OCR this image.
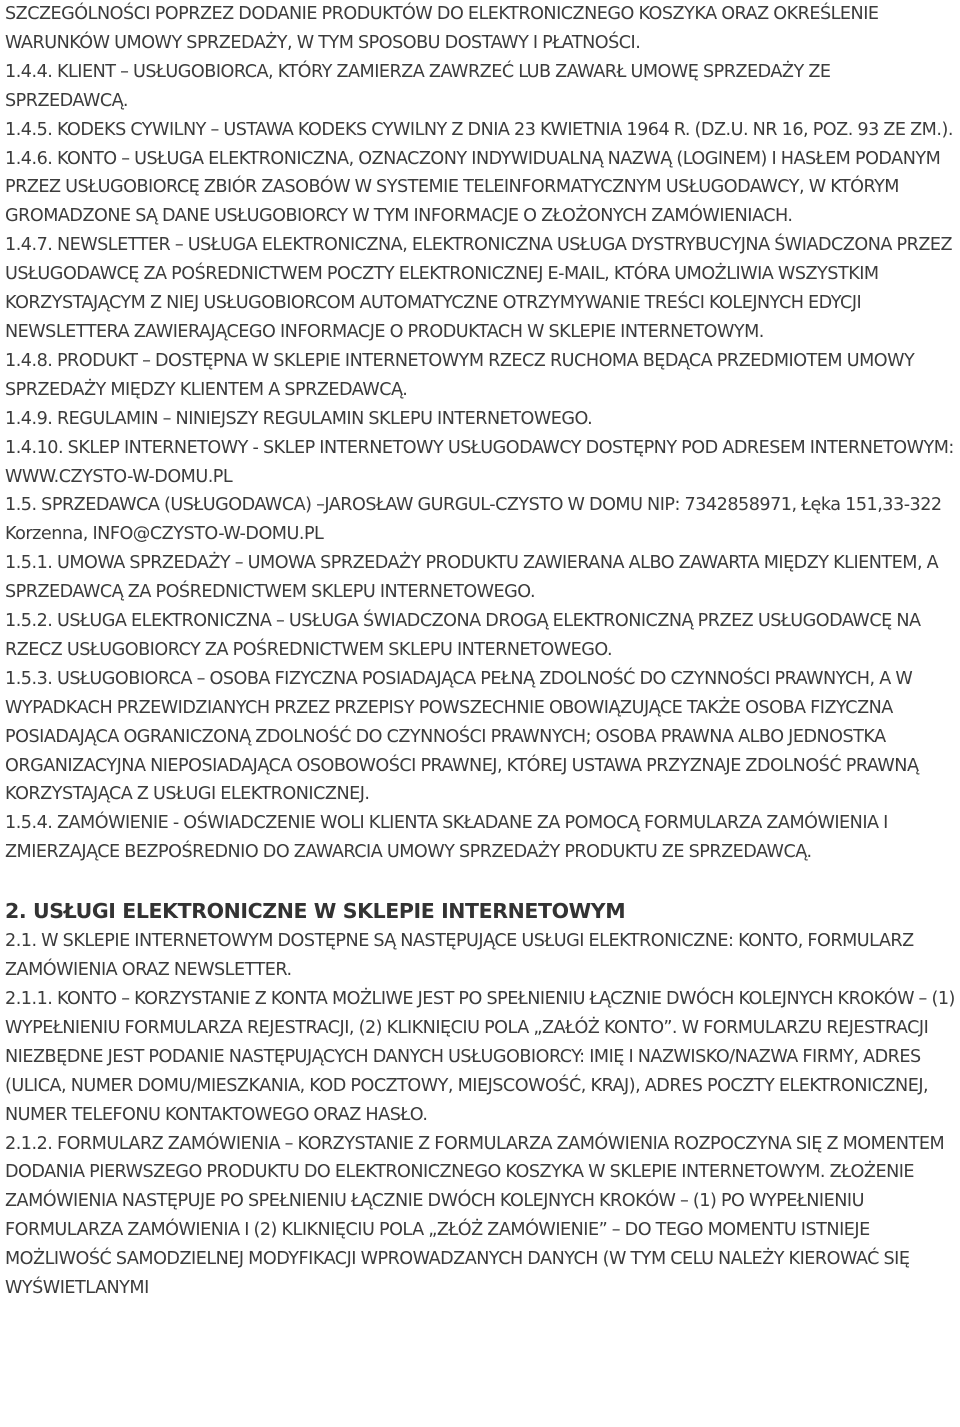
SZCZEGÓLNOŚCI POPRZEZ DODANIE PRODUKTÓW DO ELEKTRONICZNEGO KOSZYKA ORAZ OKREŚLENIE WARUNKÓW UMOWY SPRZEDAŻY, W TYM SPOSOBU DOSTAWY I PŁATNOŚCI.

1.4.4. KLIENT – USŁUGOBIORCA, KTÓRY ZAMIERZA ZAWRZEĆ LUB ZAWARŁ UMOWĘ SPRZEDAŻY ZE SPRZEDAWCĄ.

1.4.5. KODEKS CYWILNY – USTAWA KODEKS CYWILNY Z DNIA 23 KWIETNIA 1964 R. (DZ.U. NR 16, POZ. 93 ZE ZM.).

1.4.6. KONTO – USŁUGA ELEKTRONICZNA, OZNACZONY INDYWIDUALNĄ NAZWĄ (LOGINEM) I HASŁEM PODANYM PRZEZ USŁUGOBIORCĘ ZBIÓR ZASOBÓW W SYSTEMIE TELEINFORMATYCZNYM USŁUGODAWCY, W KTÓRYM GROMADZONE SĄ DANE USŁUGOBIORCY W TYM INFORMACJE O ZŁOŻONYCH ZAMÓWIENIACH.

1.4.7. NEWSLETTER – USŁUGA ELEKTRONICZNA, ELEKTRONICZNA USŁUGA DYSTRYBUCYJNA ŚWIADCZONA PRZEZ USŁUGODAWCĘ ZA POŚREDNICTWEM POCZTY ELEKTRONICZNEJ E-MAIL, KTÓRA UMOŻLIWIA WSZYSTKIM KORZYSTAJĄCYM Z NIEJ USŁUGOBIORCOM AUTOMATYCZNE OTRZYMYWANIE TREŚCI KOLEJNYCH EDYCJI NEWSLETTERA ZAWIERAJĄCEGO INFORMACJE O PRODUKTACH W SKLEPIE INTERNETOWYM.

1.4.8. PRODUKT – DOSTĘPNA W SKLEPIE INTERNETOWYM RZECZ RUCHOMA BĘDĄCA PRZEDMIOTEM UMOWY SPRZEDAŻY MIĘDZY KLIENTEM A SPRZEDAWCĄ.

1.4.9. REGULAMIN – NINIEJSZY REGULAMIN SKLEPU INTERNETOWEGO.

1.4.10. SKLEP INTERNETOWY - SKLEP INTERNETOWY USŁUGODAWCY DOSTĘPNY POD ADRESEM INTERNETOWYM: WWW.CZYSTO-W-DOMU.PL

1.5. SPRZEDAWCA (USŁUGODAWCA) –JAROSŁAW GURGUL-CZYSTO W DOMU NIP: 7342858971, Łęka 151,33-322 Korzenna, INFO@CZYSTO-W-DOMU.PL

1.5.1. UMOWA SPRZEDAŻY – UMOWA SPRZEDAŻY PRODUKTU ZAWIERANA ALBO ZAWARTA MIĘDZY KLIENTEM, A SPRZEDAWCĄ ZA POŚREDNICTWEM SKLEPU INTERNETOWEGO.

1.5.2. USŁUGA ELEKTRONICZNA – USŁUGA ŚWIADCZONA DROGĄ ELEKTRONICZNĄ PRZEZ USŁUGODAWCĘ NA RZECZ USŁUGOBIORCY ZA POŚREDNICTWEM SKLEPU INTERNETOWEGO.

1.5.3. USŁUGOBIORCA – OSOBA FIZYCZNA POSIADAJĄCA PEŁNĄ ZDOLNOŚĆ DO CZYNNOŚCI PRAWNYCH, A W WYPADKACH PRZEWIDZIANYCH PRZEZ PRZEPISY POWSZECHNIE OBOWIĄZUJĄCE TAKŻE OSOBA FIZYCZNA POSIADAJĄCA OGRANICZONĄ ZDOLNOŚĆ DO CZYNNOŚCI PRAWNYCH; OSOBA PRAWNA ALBO JEDNOSTKA ORGANIZACYJNA NIEPOSIADAJĄCA OSOBOWOŚCI PRAWNEJ, KTÓREJ USTAWA PRZYZNAJE ZDOLNOŚĆ PRAWNĄ KORZYSTAJĄCA Z USŁUGI ELEKTRONICZNEJ.

1.5.4. ZAMÓWIENIE - OŚWIADCZENIE WOLI KLIENTA SKŁADANE ZA POMOCĄ FORMULARZA ZAMÓWIENIA I ZMIERZAJĄCE BEZPOŚREDNIO DO ZAWARCIA UMOWY SPRZEDAŻY PRODUKTU ZE SPRZEDAWCĄ.

2. USŁUGI ELEKTRONICZNE W SKLEPIE INTERNETOWYM

2.1. W SKLEPIE INTERNETOWYM DOSTĘPNE SĄ NASTĘPUJĄCE USŁUGI ELEKTRONICZNE: KONTO, FORMULARZ ZAMÓWIENIA ORAZ NEWSLETTER.

2.1.1. KONTO – KORZYSTANIE Z KONTA MOŻLIWE JEST PO SPEŁNIENIU ŁĄCZNIE DWÓCH KOLEJNYCH KROKÓW – (1) WYPEŁNIENIU FORMULARZA REJESTRACJI, (2) KLIKNIĘCIU POLA „ZAŁÓŻ KONTO”. W FORMULARZU REJESTRACJI NIEZBĘDNE JEST PODANIE NASTĘPUJĄCYCH DANYCH USŁUGOBIORCY: IMIĘ I NAZWISKO/NAZWA FIRMY, ADRES (ULICA, NUMER DOMU/MIESZKANIA, KOD POCZTOWY, MIEJSCOWOŚĆ, KRAJ), ADRES POCZTY ELEKTRONICZNEJ, NUMER TELEFONU KONTAKTOWEGO ORAZ HASŁO.

2.1.2. FORMULARZ ZAMÓWIENIA – KORZYSTANIE Z FORMULARZA ZAMÓWIENIA ROZPOCZYNA SIĘ Z MOMENTEM DODANIA PIERWSZEGO PRODUKTU DO ELEKTRONICZNEGO KOSZYKA W SKLEPIE INTERNETOWYM. ZŁOŻENIE ZAMÓWIENIA NASTĘPUJE PO SPEŁNIENIU ŁĄCZNIE DWÓCH KOLEJNYCH KROKÓW – (1) PO WYPEŁNIENIU FORMULARZA ZAMÓWIENIA I (2) KLIKNIĘCIU POLA „ZŁÓŻ ZAMÓWIENIE” – DO TEGO MOMENTU ISTNIEJE MOŻLIWOŚĆ SAMODZIELNEJ MODYFIKACJI WPROWADZANYCH DANYCH (W TYM CELU NALEŻY KIEROWAĆ SIĘ WYŚWIETLANYMI
